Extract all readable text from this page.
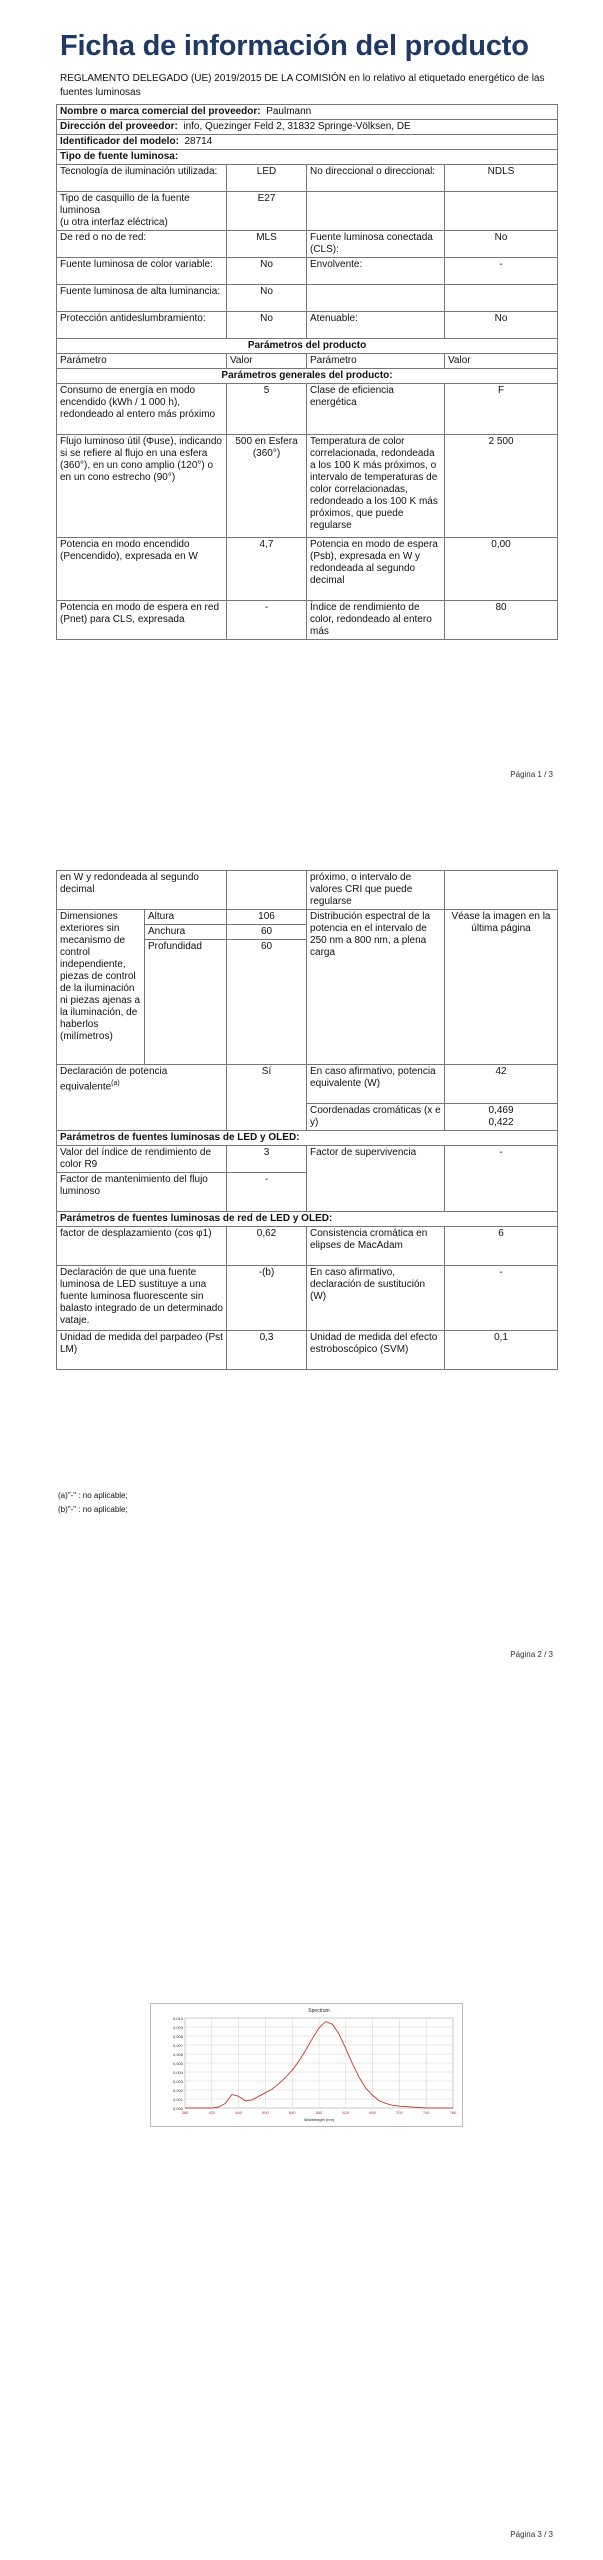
Ficha de información del producto
REGLAMENTO DELEGADO (UE) 2019/2015 DE LA COMISIÓN en lo relativo al etiquetado energético de las fuentes luminosas
Nombre o marca comercial del proveedor: Paulmann			
Dirección del proveedor: info, Quezinger Feld 2, 31832 Springe-Völksen, DE			
Identificador del modelo: 28714			
Tipo de fuente luminosa:			
Tecnología de iluminación utilizada:	LED	No direccional o direccional:	NDLS
Tipo de casquillo de la fuente luminosa
(u otra interfaz eléctrica)	E27		
De red o no de red:	MLS	Fuente luminosa conectada (CLS):	No
Fuente luminosa de color variable:	No	Envolvente:	-
Fuente luminosa de alta luminancia:	No		
Protección antideslumbramiento:	No	Atenuable:	No
Parámetros del producto			
Parámetro	Valor	Parámetro	Valor
Parámetros generales del producto:			
Consumo de energía en modo encendido (kWh / 1 000 h), redondeado al entero más próximo	5	Clase de eficiencia energética	F
Flujo luminoso útil (Φuse), indicando si se refiere al flujo en una esfera (360°), en un cono amplio (120°) o en un cono estrecho (90°)	500 en Esfera (360°)	Temperatura de color correlacionada, redondeada a los 100 K más próximos, o intervalo de temperaturas de color correlacionadas, redondeado a los 100 K más próximos, que puede regularse	2 500
Potencia en modo encendido (Pencendido), expresada en W	4,7	Potencia en modo de espera (Psb), expresada en W y redondeada al segundo decimal	0,00
Potencia en modo de espera en red (Pnet) para CLS, expresada	-	Índice de rendimiento de color, redondeado al entero más	80
Página 1 / 3
en W y redondeada al segundo decimal			próximo, o intervalo de valores CRI que puede regularse	
Dimensiones exteriores sin mecanismo de control independiente, piezas de control de la iluminación ni piezas ajenas a la iluminación, de haberlos (milímetros)	Altura	106	Distribución espectral de la potencia en el intervalo de 250 nm a 800 nm, a plena carga	Véase la imagen en la última página
	Anchura	60		
	Profundidad	60		
Declaración de potencia equivalente$^{(a)}$		Sí	En caso afirmativo, potencia equivalente (W)	42
			Coordenadas cromáticas (x e y)	0,469
0,422
Parámetros de fuentes luminosas de LED y OLED:				
Valor del índice de rendimiento de color R9		3	Factor de supervivencia	-
Factor de mantenimiento del flujo luminoso		-		
Parámetros de fuentes luminosas de red de LED y OLED:				
factor de desplazamiento (cos φ1)		0,62	Consistencia cromática en elipses de MacAdam	6
Declaración de que una fuente luminosa de LED sustituye a una fuente luminosa fluorescente sin balasto integrado de un determinado vataje.		-(b)	En caso afirmativo, declaración de sustitución (W)	-
Unidad de medida del parpadeo (Pst LM)		0,3	Unidad de medida del efecto estroboscópico (SVM)	0,1
(a)"-" : no aplicable;
(b)"-" : no aplicable;
Página 2 / 3
0,000
0,001
0,002
0,003
0,004
0,005
0,006
0,007
0,008
0,009
0,010
380	420	460	500	540	580	620	660	700	740	780
Spectrum
Wavelength (nm)
Página 3 / 3
